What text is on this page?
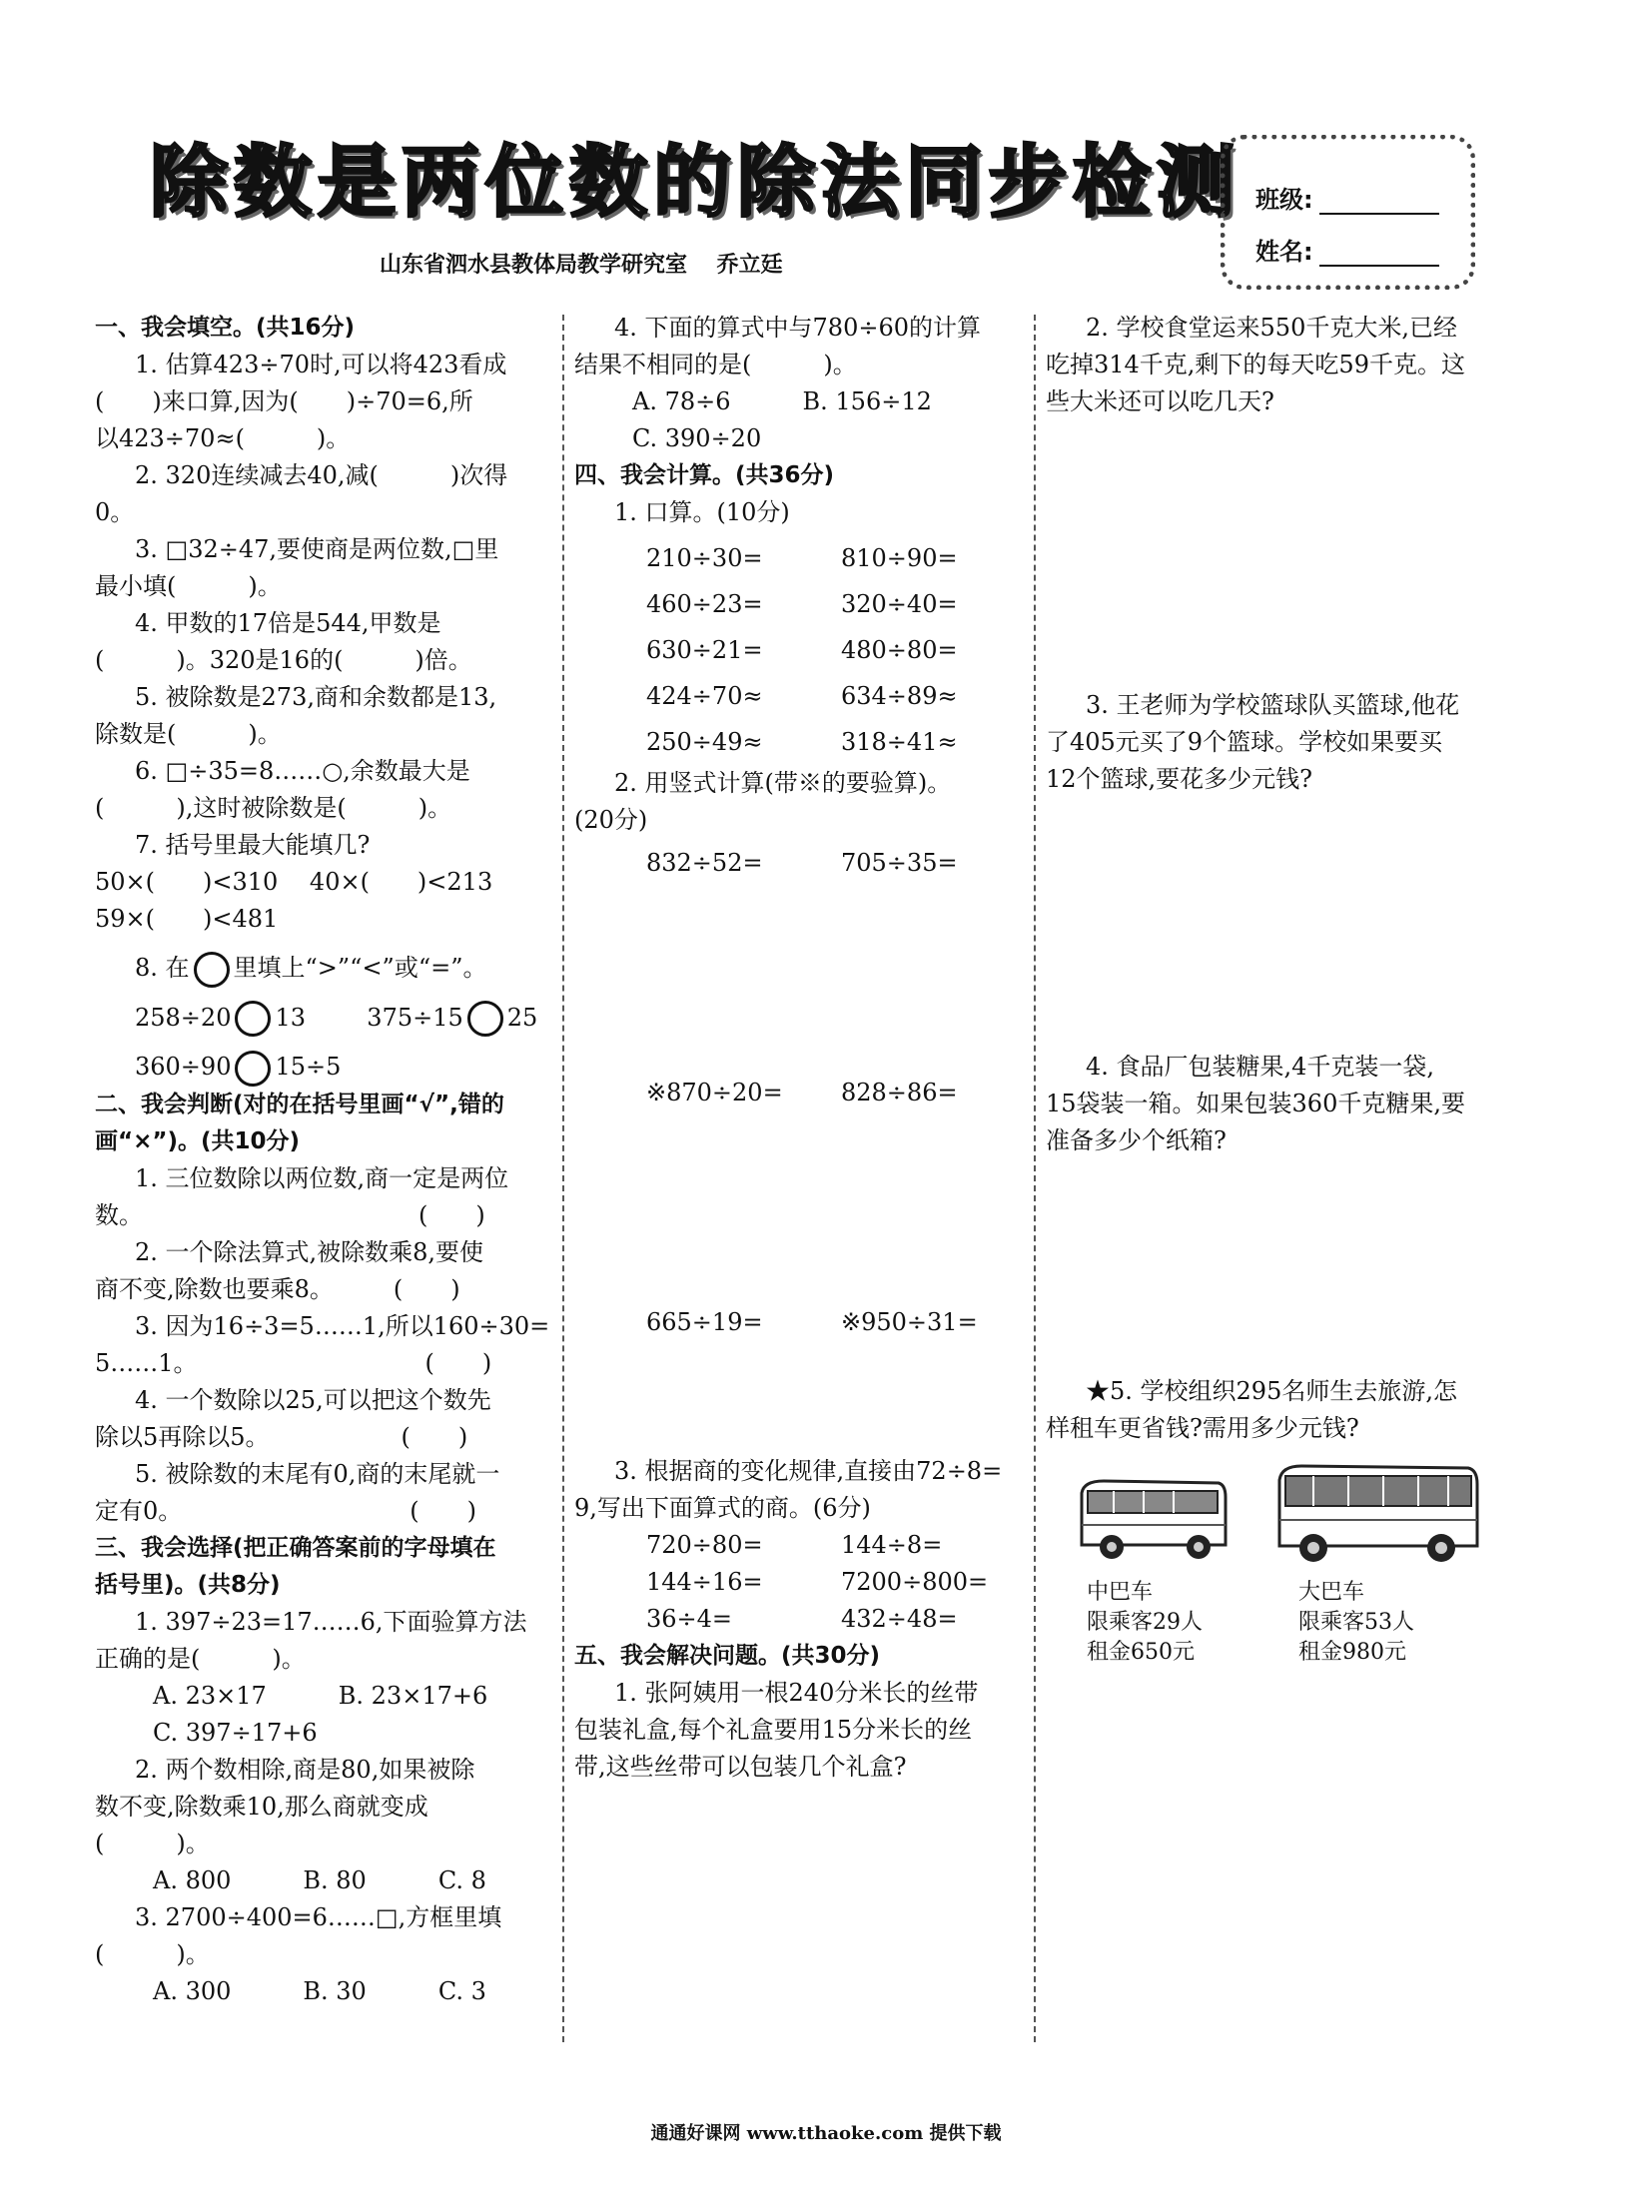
除数是两位数的除法同步检测
山东省泗水县教体局教学研究室　 乔立廷
班级:
姓名:

一、我会填空。(共16分)

1. 估算423÷70时,可以将423看成

(　　)来口算,因为(　　)÷70=6,所

以423÷70≈(　　　)。

2. 320连续减去40,减(　　　)次得

0。

3. □32÷47,要使商是两位数,□里

最小填(　　　)。

4. 甲数的17倍是544,甲数是

(　　　)。320是16的(　　　)倍。

5. 被除数是273,商和余数都是13,

除数是(　　　)。

6. □÷35=8……○,余数最大是

(　　　),这时被除数是(　　　)。

7. 括号里最大能填几?

50×(　　)<310　 40×(　　)<213

59×(　　)<481

8. 在 里填上“>”“<”或“=”。

258÷20 13	375÷15 25

360÷90 15÷5

二、我会判断(对的在括号里画“√”,错的

画“×”)。(共10分)

1. 三位数除以两位数,商一定是两位

数。　　　　　　　　　　　　(　　)

2. 一个除法算式,被除数乘8,要使

商不变,除数也要乘8。　　　(　　)

3. 因为16÷3=5……1,所以160÷30=

5……1。　　　　　　　　　　(　　)

4. 一个数除以25,可以把这个数先

除以5再除以5。　　　　　　(　　)

5. 被除数的末尾有0,商的末尾就一

定有0。　　　　　　　　　　(　　)

三、我会选择(把正确答案前的字母填在

括号里)。(共8分)

1. 397÷23=17……6,下面验算方法

正确的是(　　　)。

A. 23×17　　　B. 23×17+6

C. 397÷17+6

2. 两个数相除,商是80,如果被除

数不变,除数乘10,那么商就变成

(　　　)。

A. 800　　　B. 80　　　C. 8

3. 2700÷400=6……□,方框里填

(　　　)。

A. 300　　　B. 30　　　C. 3

4. 下面的算式中与780÷60的计算

结果不相同的是(　　　)。

A. 78÷6　　　B. 156÷12

C. 390÷20

四、我会计算。(共36分)

1. 口算。(10分)

210÷30=	810÷90=

460÷23=	320÷40=

630÷21=	480÷80=

424÷70≈	634÷89≈

250÷49≈	318÷41≈

2. 用竖式计算(带※的要验算)。

(20分)

832÷52=	705÷35=

※870÷20= 828÷86=

665÷19=	※950÷31=

3. 根据商的变化规律,直接由72÷8=

9,写出下面算式的商。(6分)

720÷80=	144÷8=

144÷16=	7200÷800=

36÷4=	432÷48=

五、我会解决问题。(共30分)

1. 张阿姨用一根240分米长的丝带

包装礼盒,每个礼盒要用15分米长的丝

带,这些丝带可以包装几个礼盒?

2. 学校食堂运来550千克大米,已经

吃掉314千克,剩下的每天吃59千克。这

些大米还可以吃几天?

3. 王老师为学校篮球队买篮球,他花

了405元买了9个篮球。学校如果要买

12个篮球,要花多少元钱?

4. 食品厂包装糖果,4千克装一袋,

15袋装一箱。如果包装360千克糖果,要

准备多少个纸箱?

★5. 学校组织295名师生去旅游,怎

样租车更省钱?需用多少元钱?

中巴车

限乘客29人

租金650元

大巴车

限乘客53人

租金980元

通通好课网 www.tthaoke.com 提供下载
